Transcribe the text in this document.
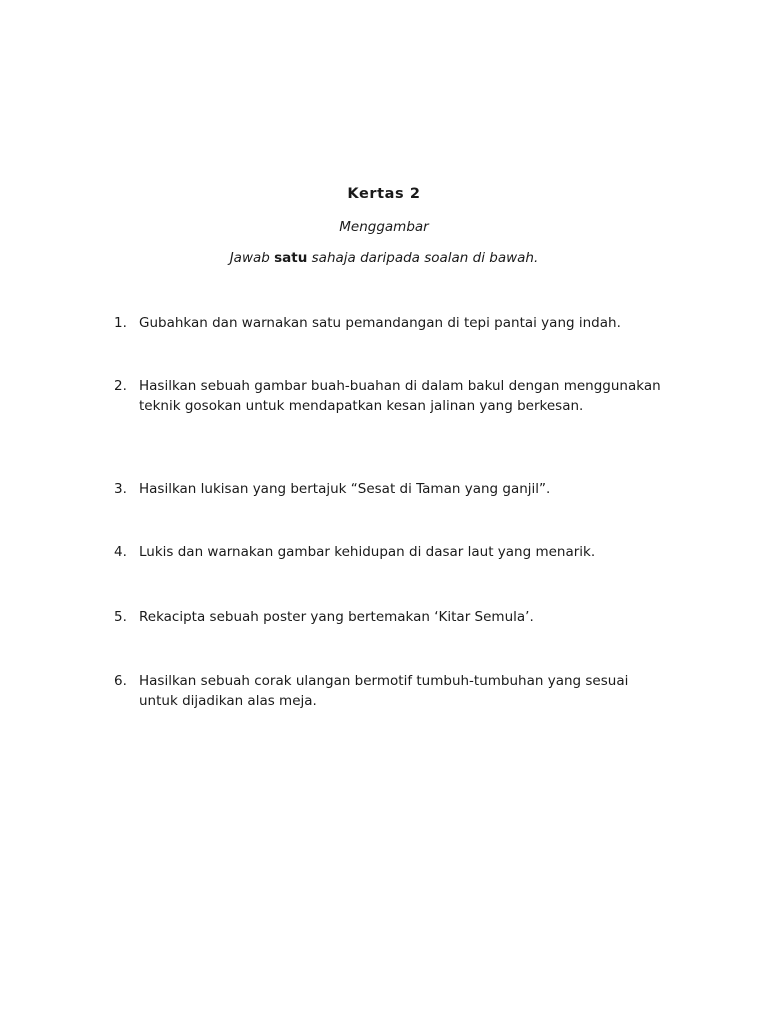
Kertas 2
Menggambar
Jawab satu sahaja daripada soalan di bawah.
1. Gubahkan dan warnakan satu pemandangan di tepi pantai yang indah.
2. Hasilkan sebuah gambar buah-buahan di dalam bakul dengan menggunakan teknik gosokan untuk mendapatkan kesan jalinan yang berkesan.
3. Hasilkan lukisan yang bertajuk “Sesat di Taman yang ganjil”.
4. Lukis dan warnakan gambar kehidupan di dasar laut yang menarik.
5. Rekacipta sebuah poster yang bertemakan ‘Kitar Semula’.
6. Hasilkan sebuah corak ulangan bermotif tumbuh-tumbuhan yang sesuai untuk dijadikan alas meja.
